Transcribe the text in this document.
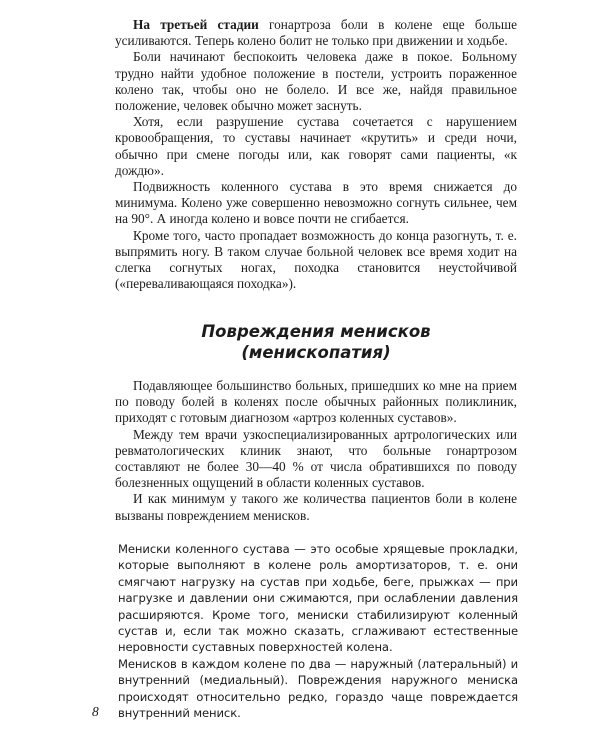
На третьей стадии гонартроза боли в колене еще больше усиливаются. Теперь колено болит не только при движении и ходьбе.

Боли начинают беспокоить человека даже в покое. Больному трудно найти удобное положение в постели, устроить пораженное колено так, чтобы оно не болело. И все же, найдя правильное положение, человек обычно может заснуть.

Хотя, если разрушение сустава сочетается с нарушением кровообращения, то суставы начинает «крутить» и среди ночи, обычно при смене погоды или, как говорят сами пациенты, «к дождю».

Подвижность коленного сустава в это время снижается до минимума. Колено уже совершенно невозможно согнуть сильнее, чем на 90°. А иногда колено и вовсе почти не сгибается.

Кроме того, часто пропадает возможность до конца разогнуть, т. е. выпрямить ногу. В таком случае больной человек все время ходит на слегка согнутых ногах, походка становится неустойчивой («переваливающаяся походка»).

Повреждения менисков
(менископатия)

Подавляющее большинство больных, пришедших ко мне на прием по поводу болей в коленях после обычных районных поликлиник, приходят с готовым диагнозом «артроз коленных суставов».

Между тем врачи узкоспециализированных артрологических или ревматологических клиник знают, что больные гонартрозом составляют не более 30—40 % от числа обратившихся по поводу болезненных ощущений в области коленных суставов.

И как минимум у такого же количества пациентов боли в колене вызваны повреждением менисков.

Мениски коленного сустава — это особые хрящевые прокладки, которые выполняют в колене роль амортизаторов, т. е. они смягчают нагрузку на сустав при ходьбе, беге, прыжках — при нагрузке и давлении они сжимаются, при ослаблении давления расширяются. Кроме того, мениски стабилизируют коленный сустав и, если так можно сказать, сглаживают естественные неровности суставных поверхностей колена.

Менисков в каждом колене по два — наружный (латеральный) и внутренний (медиальный). Повреждения наружного мениска происходят относительно редко, гораздо чаще повреждается внутренний мениск.

8
